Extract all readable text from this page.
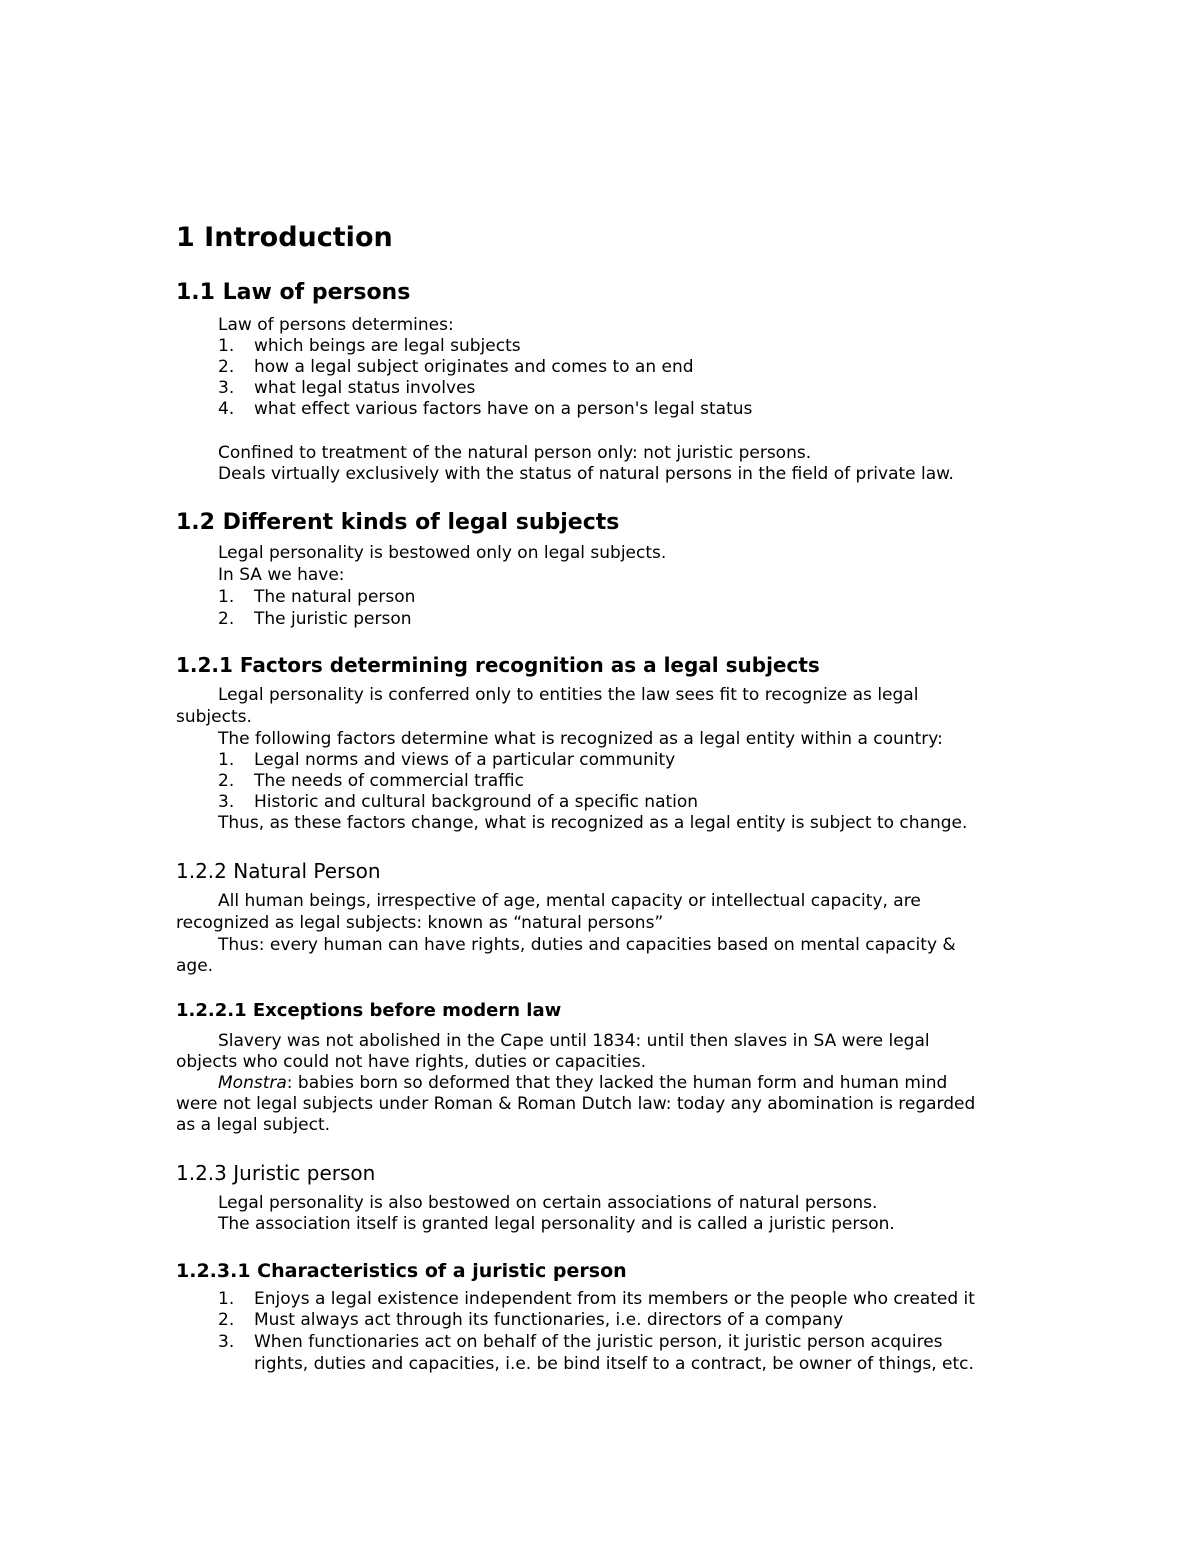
1 Introduction
1.1 Law of persons
Law of persons determines:
1. which beings are legal subjects
2. how a legal subject originates and comes to an end
3. what legal status involves
4. what effect various factors have on a person's legal status
Confined to treatment of the natural person only: not juristic persons.
Deals virtually exclusively with the status of natural persons in the field of private law.
1.2 Different kinds of legal subjects
Legal personality is bestowed only on legal subjects.
In SA we have:
1. The natural person
2. The juristic person
1.2.1 Factors determining recognition as a legal subjects
Legal personality is conferred only to entities the law sees fit to recognize as legal
subjects.
The following factors determine what is recognized as a legal entity within a country:
1. Legal norms and views of a particular community
2. The needs of commercial traffic
3. Historic and cultural background of a specific nation
Thus, as these factors change, what is recognized as a legal entity is subject to change.
1.2.2 Natural Person
All human beings, irrespective of age, mental capacity or intellectual capacity, are
recognized as legal subjects: known as “natural persons”
Thus: every human can have rights, duties and capacities based on mental capacity &
age.
1.2.2.1 Exceptions before modern law
Slavery was not abolished in the Cape until 1834: until then slaves in SA were legal
objects who could not have rights, duties or capacities.
Monstra: babies born so deformed that they lacked the human form and human mind
were not legal subjects under Roman & Roman Dutch law: today any abomination is regarded
as a legal subject.
1.2.3 Juristic person
Legal personality is also bestowed on certain associations of natural persons.
The association itself is granted legal personality and is called a juristic person.
1.2.3.1 Characteristics of a juristic person
1. Enjoys a legal existence independent from its members or the people who created it
2. Must always act through its functionaries, i.e. directors of a company
3. When functionaries act on behalf of the juristic person, it juristic person acquires
rights, duties and capacities, i.e. be bind itself to a contract, be owner of things, etc.
